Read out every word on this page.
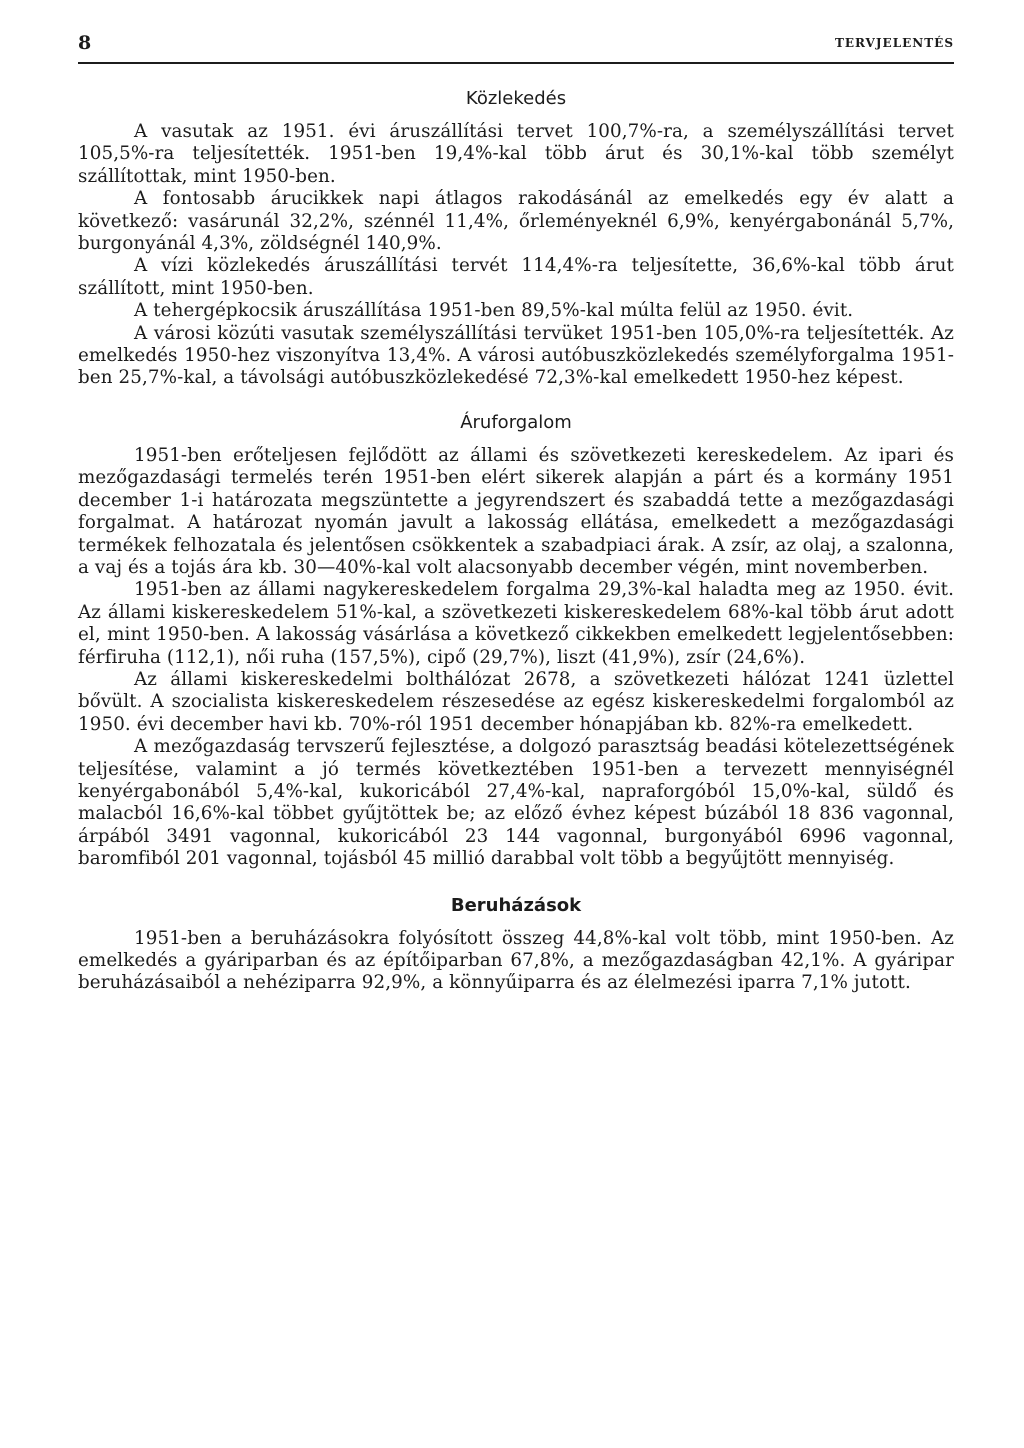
8	TERVJELENTÉS
Közlekedés

A vasutak az 1951. évi áruszállítási tervet 100,7%-ra, a személyszállítási tervet 105,5%-ra teljesítették. 1951-ben 19,4%-kal több árut és 30,1%-kal több személyt szállítottak, mint 1950-ben.

A fontosabb árucikkek napi átlagos rakodásánál az emelkedés egy év alatt a következő: vasárunál 32,2%, szénnél 11,4%, őrleményeknél 6,9%, kenyérgabonánál 5,7%, burgonyánál 4,3%, zöldségnél 140,9%.

A vízi közlekedés áruszállítási tervét 114,4%-ra teljesítette, 36,6%-kal több árut szállított, mint 1950-ben.

A tehergépkocsik áruszállítása 1951-ben 89,5%-kal múlta felül az 1950. évit.

A városi közúti vasutak személyszállítási tervüket 1951-ben 105,0%-ra teljesítették. Az emelkedés 1950-hez viszonyítva 13,4%. A városi autóbuszközlekedés személyforgalma 1951-ben 25,7%-kal, a távolsági autóbuszközlekedésé 72,3%-kal emelkedett 1950-hez képest.

Áruforgalom

1951-ben erőteljesen fejlődött az állami és szövetkezeti kereskedelem. Az ipari és mezőgazdasági termelés terén 1951-ben elért sikerek alapján a párt és a kormány 1951 december 1-i határozata megszüntette a jegyrendszert és szabaddá tette a mezőgazdasági forgalmat. A határozat nyomán javult a lakosság ellátása, emelkedett a mezőgazdasági termékek felhozatala és jelentősen csökkentek a szabadpiaci árak. A zsír, az olaj, a szalonna, a vaj és a tojás ára kb. 30—40%-kal volt alacsonyabb december végén, mint novemberben.

1951-ben az állami nagykereskedelem forgalma 29,3%-kal haladta meg az 1950. évit. Az állami kiskereskedelem 51%-kal, a szövetkezeti kiskereskedelem 68%-kal több árut adott el, mint 1950-ben. A lakosság vásárlása a következő cikkekben emelkedett legjelentősebben: férfiruha (112,1), női ruha (157,5%), cipő (29,7%), liszt (41,9%), zsír (24,6%).

Az állami kiskereskedelmi bolthálózat 2678, a szövetkezeti hálózat 1241 üzlettel bővült. A szocialista kiskereskedelem részesedése az egész kiskereskedelmi forgalomból az 1950. évi december havi kb. 70%-ról 1951 december hónapjában kb. 82%-ra emelkedett.

A mezőgazdaság tervszerű fejlesztése, a dolgozó parasztság beadási kötelezettségének teljesítése, valamint a jó termés következtében 1951-ben a tervezett mennyiségnél kenyérgabonából 5,4%-kal, kukoricából 27,4%-kal, napraforgóból 15,0%-kal, süldő és malacból 16,6%-kal többet gyűjtöttek be; az előző évhez képest búzából 18 836 vagonnal, árpából 3491 vagonnal, kukoricából 23 144 vagonnal, burgonyából 6996 vagonnal, baromfiból 201 vagonnal, tojásból 45 millió darabbal volt több a begyűjtött mennyiség.

Beruházások

1951-ben a beruházásokra folyósított összeg 44,8%-kal volt több, mint 1950-ben. Az emelkedés a gyáriparban és az építőiparban 67,8%, a mezőgazdaságban 42,1%. A gyáripar beruházásaiból a nehéziparra 92,9%, a könnyűiparra és az élelmezési iparra 7,1% jutott.
